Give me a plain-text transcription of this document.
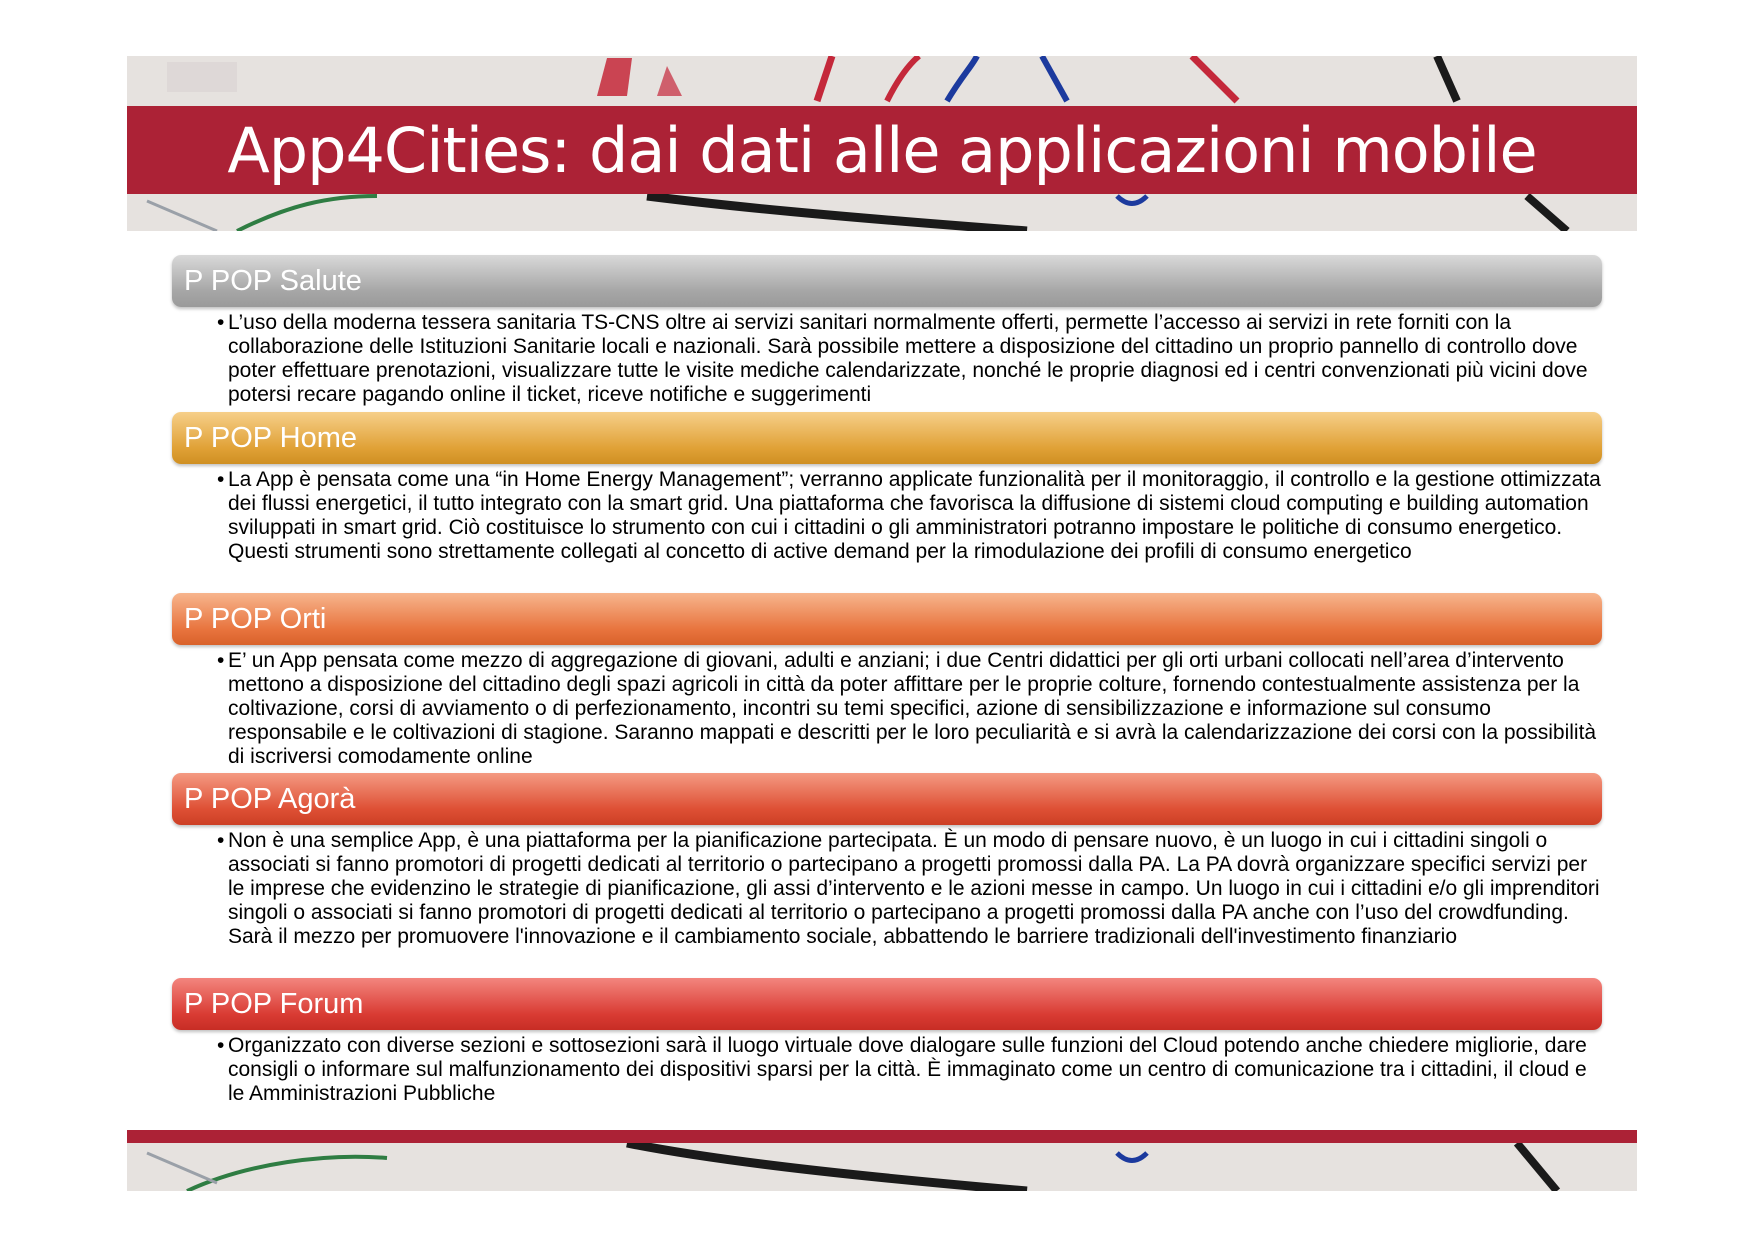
App4Cities: dai dati alle applicazioni mobile
P POP Salute
• L’uso della moderna tessera sanitaria TS-CNS oltre ai servizi sanitari normalmente offerti, permette l’accesso ai servizi in rete forniti con la collaborazione delle Istituzioni Sanitarie locali e nazionali. Sarà possibile mettere a disposizione del cittadino un proprio pannello di controllo dove poter effettuare prenotazioni, visualizzare tutte le visite mediche calendarizzate, nonché le proprie diagnosi ed i centri convenzionati più vicini dove potersi recare pagando online il ticket, riceve notifiche e suggerimenti
P POP Home
• La App è pensata come una “in Home Energy Management”; verranno applicate funzionalità per il monitoraggio, il controllo e la gestione ottimizzata dei flussi energetici, il tutto integrato con la smart grid. Una piattaforma che favorisca la diffusione di sistemi cloud computing e building automation sviluppati in smart grid. Ciò costituisce lo strumento con cui i cittadini o gli amministratori potranno impostare le politiche di consumo energetico. Questi strumenti sono strettamente collegati al concetto di active demand per la rimodulazione dei profili di consumo energetico
P POP Orti
• E’ un App pensata come mezzo di aggregazione di giovani, adulti e anziani; i due Centri didattici per gli orti urbani collocati nell’area d’intervento mettono a disposizione del cittadino degli spazi agricoli in città da poter affittare per le proprie colture, fornendo contestualmente assistenza per la coltivazione, corsi di avviamento o di perfezionamento, incontri su temi specifici, azione di sensibilizzazione e informazione sul consumo responsabile e le coltivazioni di stagione. Saranno mappati e descritti per le loro peculiarità e si avrà la calendarizzazione dei corsi con la possibilità di iscriversi comodamente online
P POP Agorà
• Non è una semplice App, è una piattaforma per la pianificazione partecipata. È un modo di pensare nuovo, è un luogo in cui i cittadini singoli o associati si fanno promotori di progetti dedicati al territorio o partecipano a progetti promossi dalla PA. La PA dovrà organizzare specifici servizi per le imprese che evidenzino le strategie di pianificazione, gli assi d’intervento e le azioni messe in campo. Un luogo in cui i cittadini e/o gli imprenditori singoli o associati si fanno promotori di progetti dedicati al territorio o partecipano a progetti promossi dalla PA anche con l’uso del crowdfunding. Sarà il mezzo per promuovere l'innovazione e il cambiamento sociale, abbattendo le barriere tradizionali dell'investimento finanziario
P POP Forum
• Organizzato con diverse sezioni e sottosezioni sarà il luogo virtuale dove dialogare sulle funzioni del Cloud potendo anche chiedere migliorie, dare consigli o informare sul malfunzionamento dei dispositivi sparsi per la città. È immaginato come un centro di comunicazione tra i cittadini, il cloud e le Amministrazioni Pubbliche
